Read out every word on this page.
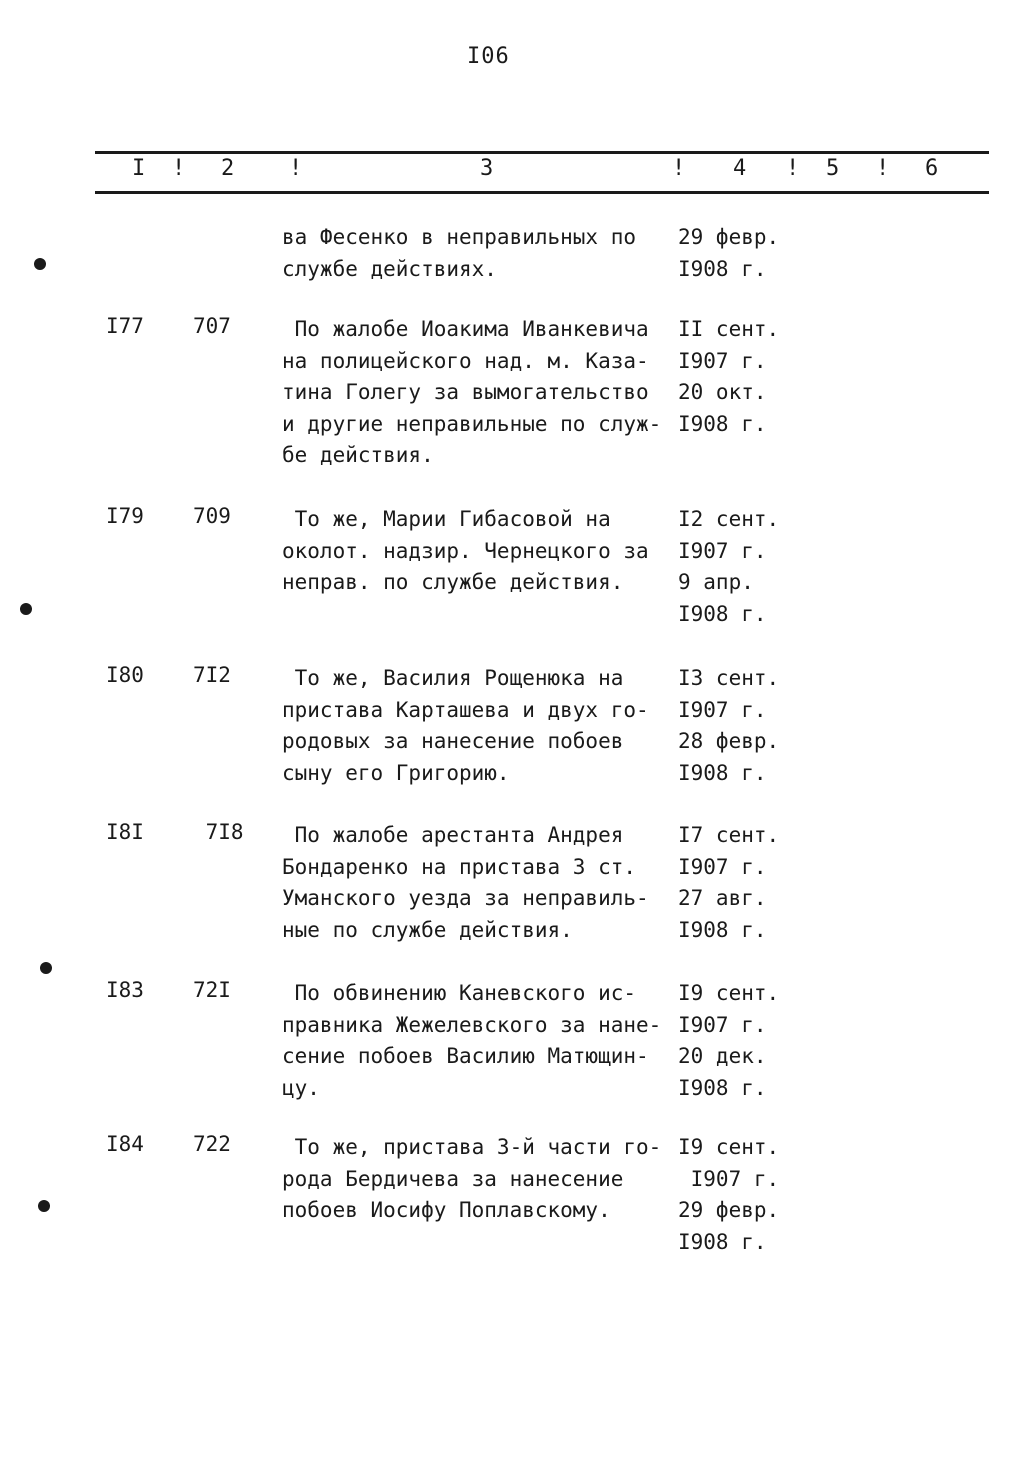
I06
I ! 2 !	3	! 4 ! 5 ! 6
ва Фесенко в неправильных по
службе действиях.
29 февр.
I908 г.
I77 707 По жалобе Иоакима Иванкевича
на полицейского над. м. Каза-
тина Голегу за вымогательство
и другие неправильные по служ-
бе действия.
II сент.
I907 г.
20 окт.
I908 г.
I79 709 То же, Марии Гибасовой на
околот. надзир. Чернецкого за
неправ. по службе действия.
I2 сент.
I907 г.
9 апр.
I908 г.
I80 7I2 То же, Василия Рощенюка на
пристава Карташева и двух го-
родовых за нанесение побоев
сыну его Григорию.
I3 сент.
I907 г.
28 февр.
I908 г.
I8I 7I8 По жалобе арестанта Андрея
Бондаренко на пристава 3 ст.
Уманского уезда за неправиль-
ные по службе действия.
I7 сент.
I907 г.
27 авг.
I908 г.
I83 72I По обвинению Каневского ис-
правника Жежелевского за нане-
сение побоев Василию Матющин-
цу.
I9 сент.
I907 г.
20 дек.
I908 г.
I84 722 То же, пристава 3-й части го-
рода Бердичева за нанесение
побоев Иосифу Поплавскому.
I9 сент.
I907 г.
29 февр.
I908 г.
